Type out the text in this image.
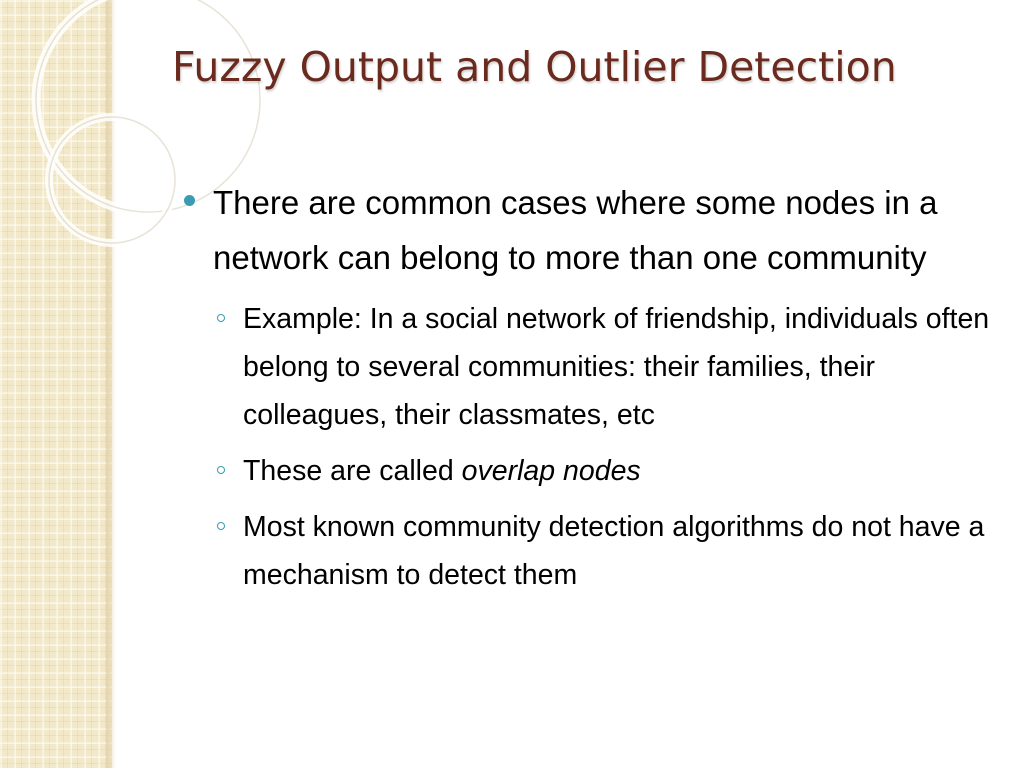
Fuzzy Output and Outlier Detection
There are common cases where some nodes in a network can belong to more than one community
Example: In a social network of friendship, individuals often belong to several communities: their families, their colleagues, their classmates, etc
These are called overlap nodes
Most known community detection algorithms do not have a mechanism to detect them
